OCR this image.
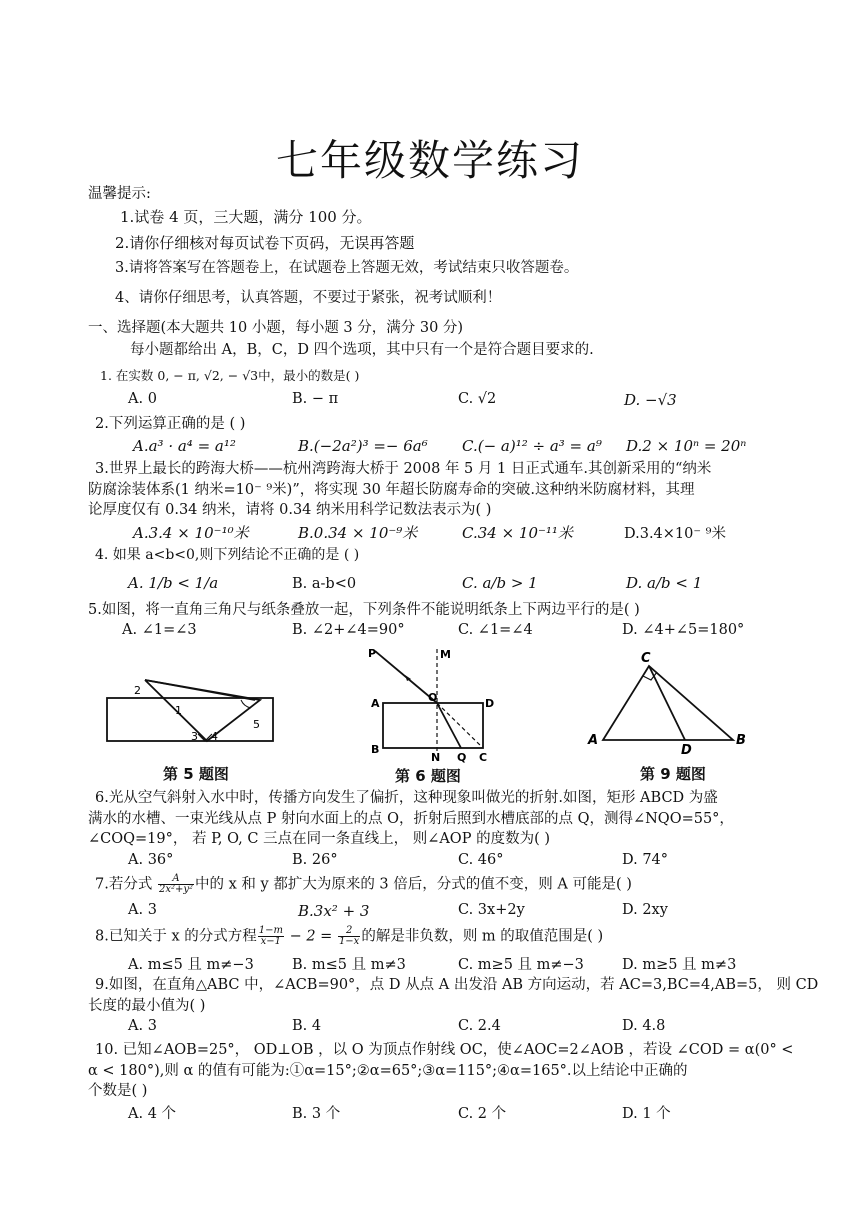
七年级数学练习
温馨提示:
1.试卷 4 页，三大题，满分 100 分。
2.请你仔细核对每页试卷下页码，无误再答题
3.请将答案写在答题卷上，在试题卷上答题无效，考试结束只收答题卷。
4、请你仔细思考，认真答题，不要过于紧张，祝考试顺利！
一、选择题(本大题共 10 小题，每小题 3 分，满分 30 分)
每小题都给出 A，B，C，D 四个选项，其中只有一个是符合题目要求的.
1. 在实数 0, − π, √2, − √3中，最小的数是( )
A. 0	B. − π	C. √2	D. −√3
2.下列运算正确的是 ( )
A.a³ · a⁴ = a¹²	B.(−2a²)³ =− 6a⁶ C.(− a)¹² ÷ a³ = a⁹ D.2 × 10ⁿ = 20ⁿ
3.世界上最长的跨海大桥——杭州湾跨海大桥于 2008 年 5 月 1 日正式通车.其创新采用的“纳米
防腐涂装体系(1 纳米=10⁻ ⁹米)”，将实现 30 年超长防腐寿命的突破.这种纳米防腐材料，其理
论厚度仅有 0.34 纳米，请将 0.34 纳米用科学记数法表示为( )
A.3.4 × 10⁻¹⁰米	B.0.34 × 10⁻⁹米	C.34 × 10⁻¹¹米	D.3.4×10⁻ ⁹米
4. 如果 a<b<0,则下列结论不正确的是 ( )
A. 1/b < 1/a	B. a-b<0	C. a/b > 1	D. a/b < 1
5.如图，将一直角三角尺与纸条叠放一起，下列条件不能说明纸条上下两边平行的是( )
A. ∠1=∠3	B. ∠2+∠4=90°	C. ∠1=∠4	D. ∠4+∠5=180°
2
1
3 4
5
第 5 题图
P	M
A	O	D
B
N Q C
第 6 题图
C
A
D
B
第 9 题图
6.光从空气斜射入水中时，传播方向发生了偏折，这种现象叫做光的折射.如图，矩形 ABCD 为盛
满水的水槽、一束光线从点 P 射向水面上的点 O，折射后照到水槽底部的点 Q，测得∠NQO=55°，
∠COQ=19°， 若 P, O, C 三点在同一条直线上， 则∠AOP 的度数为( )
A. 36°	B. 26°	C. 46°	D. 74°
7.若分式 $\frac{A}{\text{2x²+y²}}$ 中的 x 和 y 都扩大为原来的 3 倍后，分式的值不变，则 A 可能是( )
A. 3	B.3x² + 3	C. 3x+2y	D. 2xy
8.已知关于 x 的分式方程 $\frac{1-m}{x-1} - 2 = \frac{2}{1-x}$ 的解是非负数，则 m 的取值范围是( )
A. m≤5 且 m≠−3	B. m≤5 且 m≠3	C. m≥5 且 m≠−3	D. m≥5 且 m≠3
9.如图，在直角△ABC 中，∠ACB=90°，点 D 从点 A 出发沿 AB 方向运动，若 AC=3,BC=4,AB=5， 则 CD
长度的最小值为( )
A. 3	B. 4	C. 2.4	D. 4.8
10. 已知∠AOB=25°， OD⊥OB ，以 O 为顶点作射线 OC，使∠AOC=2∠AOB ，若设 ∠COD = α(0° <
α < 180°),则 α 的值有可能为:①α=15°;②α=65°;③α=115°;④α=165°.以上结论中正确的
个数是( )
A. 4 个	B. 3 个	C. 2 个	D. 1 个
